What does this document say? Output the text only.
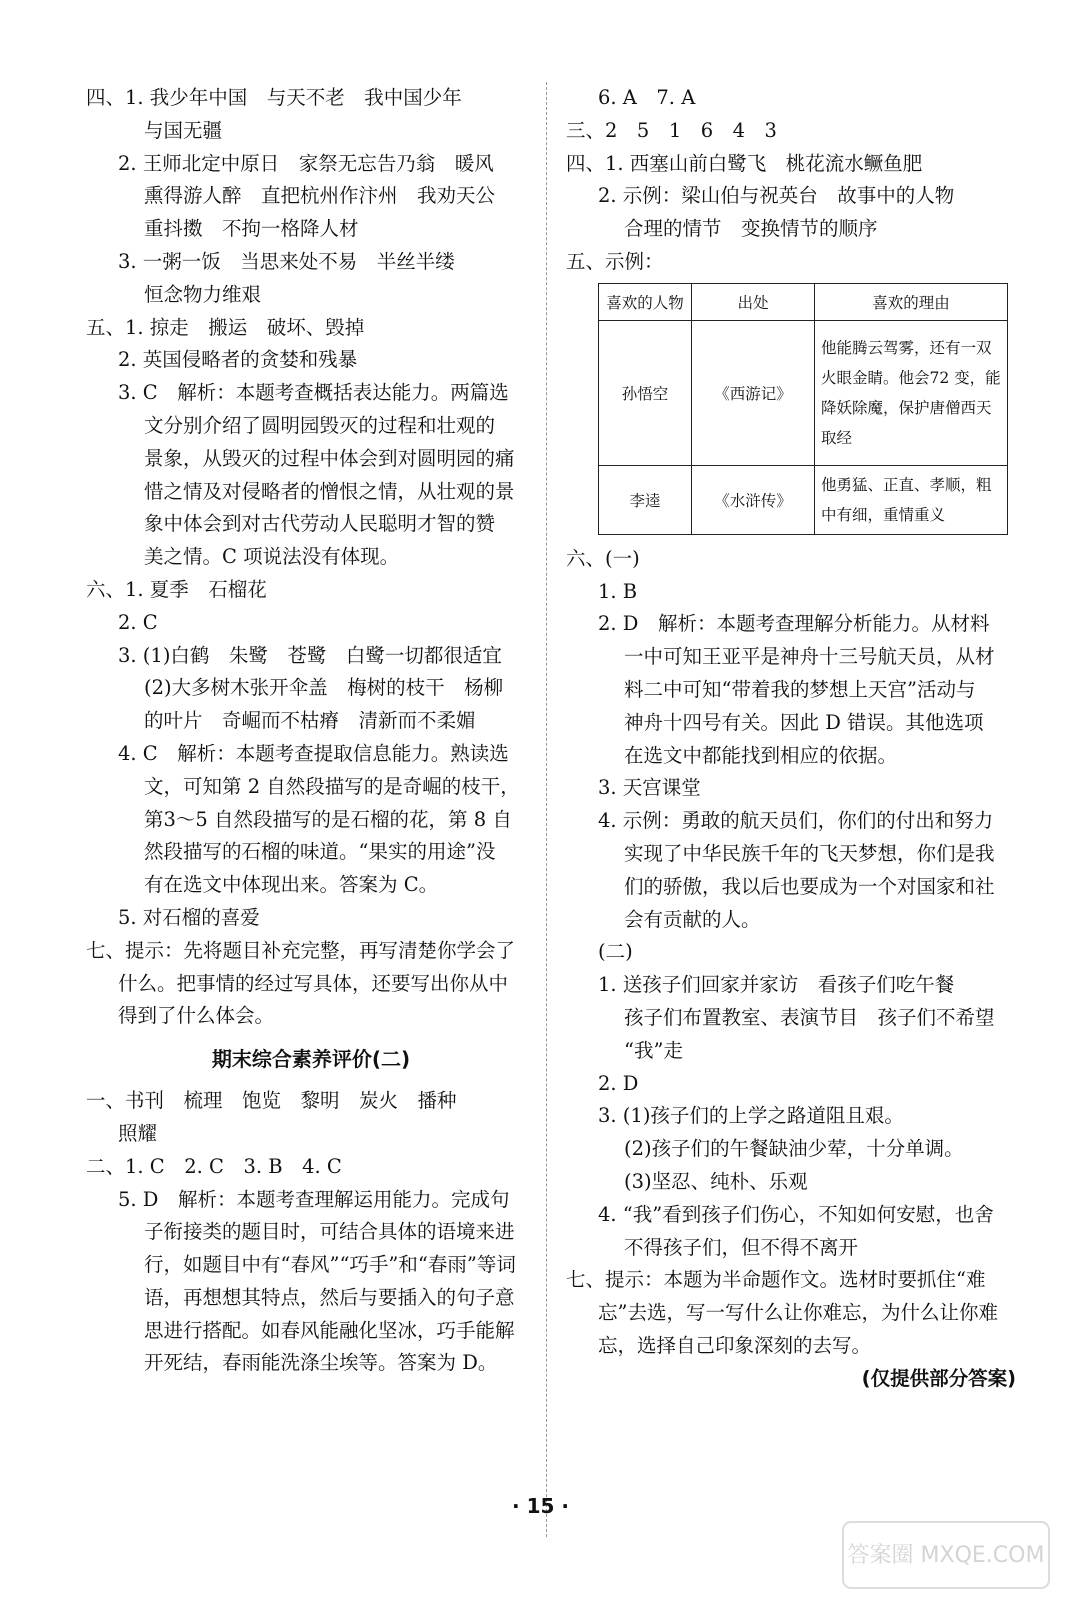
四、1. 我少年中国　与天不老　我中国少年
与国无疆
2. 王师北定中原日　家祭无忘告乃翁　暖风
熏得游人醉　直把杭州作汴州　我劝天公
重抖擞　不拘一格降人材
3. 一粥一饭　当思来处不易　半丝半缕
恒念物力维艰
五、1. 掠走　搬运　破坏、毁掉
2. 英国侵略者的贪婪和残暴
3. C　解析：本题考查概括表达能力。两篇选
文分别介绍了圆明园毁灭的过程和壮观的
景象，从毁灭的过程中体会到对圆明园的痛
惜之情及对侵略者的憎恨之情，从壮观的景
象中体会到对古代劳动人民聪明才智的赞
美之情。C 项说法没有体现。
六、1. 夏季　石榴花
2. C
3. (1)白鹤　朱鹭　苍鹭　白鹭一切都很适宜
(2)大多树木张开伞盖　梅树的枝干　杨柳
的叶片　奇崛而不枯瘠　清新而不柔媚
4. C　解析：本题考查提取信息能力。熟读选
文，可知第 2 自然段描写的是奇崛的枝干，
第3～5 自然段描写的是石榴的花，第 8 自
然段描写的石榴的味道。“果实的用途”没
有在选文中体现出来。答案为 C。
5. 对石榴的喜爱
七、提示：先将题目补充完整，再写清楚你学会了
什么。把事情的经过写具体，还要写出你从中
得到了什么体会。
期末综合素养评价(二)
一、书刊　梳理　饱览　黎明　炭火　播种
照耀
二、1. C　2. C　3. B　4. C
5. D　解析：本题考查理解运用能力。完成句
子衔接类的题目时，可结合具体的语境来进
行，如题目中有“春风”“巧手”和“春雨”等词
语，再想想其特点，然后与要插入的句子意
思进行搭配。如春风能融化坚冰，巧手能解
开死结，春雨能洗涤尘埃等。答案为 D。
6. A　7. A
三、2　5　1　6　4　3
四、1. 西塞山前白鹭飞　桃花流水鳜鱼肥
2. 示例：梁山伯与祝英台　故事中的人物
合理的情节　变换情节的顺序
五、示例：
喜欢的人物	出处	喜欢的理由
孙悟空	《西游记》	他能腾云驾雾，还有一双火眼金睛。他会72 变，能降妖除魔，保护唐僧西天取经
李逵	《水浒传》	他勇猛、正直、孝顺，粗中有细，重情重义
六、(一)
1. B
2. D　解析：本题考查理解分析能力。从材料
一中可知王亚平是神舟十三号航天员，从材
料二中可知“带着我的梦想上天宫”活动与
神舟十四号有关。因此 D 错误。其他选项
在选文中都能找到相应的依据。
3. 天宫课堂
4. 示例：勇敢的航天员们，你们的付出和努力
实现了中华民族千年的飞天梦想，你们是我
们的骄傲，我以后也要成为一个对国家和社
会有贡献的人。
(二)
1. 送孩子们回家并家访　看孩子们吃午餐
孩子们布置教室、表演节目　孩子们不希望
“我”走
2. D
3. (1)孩子们的上学之路道阻且艰。
(2)孩子们的午餐缺油少荤，十分单调。
(3)坚忍、纯朴、乐观
4. “我”看到孩子们伤心，不知如何安慰，也舍
不得孩子们，但不得不离开
七、提示：本题为半命题作文。选材时要抓住“难
忘”去选，写一写什么让你难忘，为什么让你难
忘，选择自己印象深刻的去写。
(仅提供部分答案)
· 15 ·
答案圈 MXQE.COM
